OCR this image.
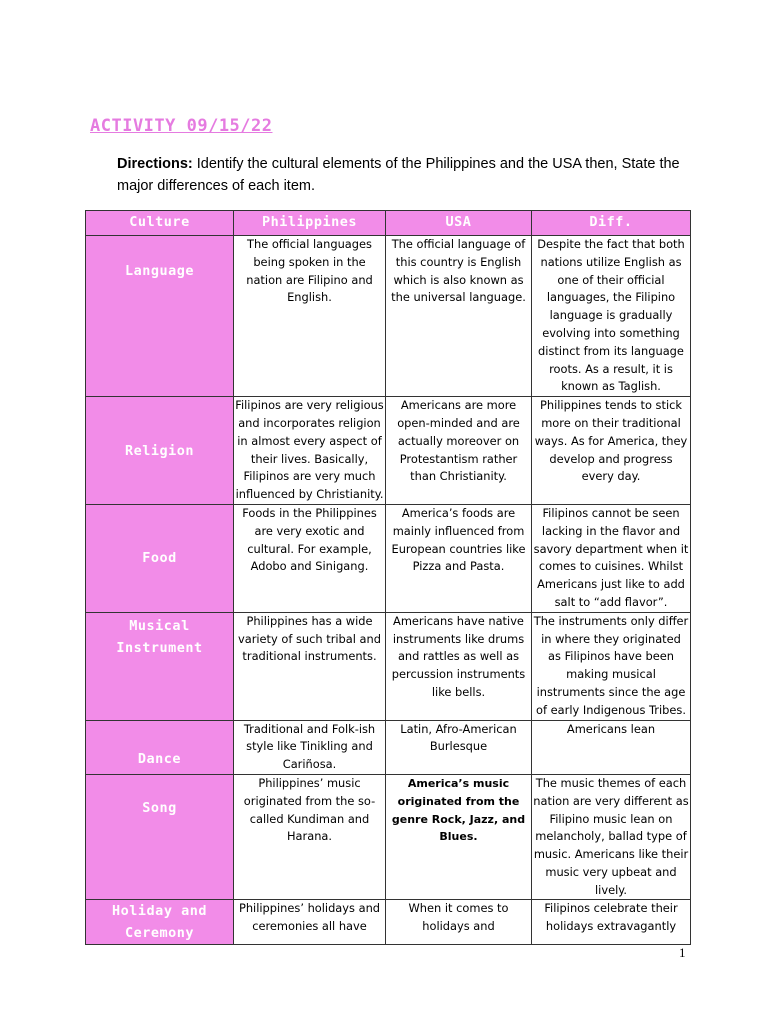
ACTIVITY 09/15/22

Directions: Identify the cultural elements of the Philippines and the USA then, State the major differences of each item.

Culture	Philippines	USA	Diff.
Language	The official languages being spoken in the nation are Filipino and English.	The official language of this country is English which is also known as the universal language.	Despite the fact that both nations utilize English as one of their official languages, the Filipino language is gradually evolving into something distinct from its language roots. As a result, it is known as Taglish.
Religion	Filipinos are very religious and incorporates religion in almost every aspect of their lives. Basically, Filipinos are very much influenced by Christianity.	Americans are more open-minded and are actually moreover on Protestantism rather than Christianity.	Philippines tends to stick more on their traditional ways. As for America, they develop and progress every day.
Food	Foods in the Philippines are very exotic and cultural. For example, Adobo and Sinigang.	America’s foods are mainly influenced from European countries like Pizza and Pasta.	Filipinos cannot be seen lacking in the flavor and savory department when it comes to cuisines. Whilst Americans just like to add salt to “add flavor”.
Musical Instrument	Philippines has a wide variety of such tribal and traditional instruments.	Americans have native instruments like drums and rattles as well as percussion instruments like bells.	The instruments only differ in where they originated as Filipinos have been making musical instruments since the age of early Indigenous Tribes.
Dance	Traditional and Folk-ish style like Tinikling and Cariñosa.	Latin, Afro-American Burlesque	Americans lean
Song	Philippines’ music originated from the so-called Kundiman and Harana.	America’s music originated from the genre Rock, Jazz, and Blues.	The music themes of each nation are very different as Filipino music lean on melancholy, ballad type of music. Americans like their music very upbeat and lively.
Holiday and Ceremony	Philippines’ holidays and ceremonies all have	When it comes to holidays and	Filipinos celebrate their holidays extravagantly

1
